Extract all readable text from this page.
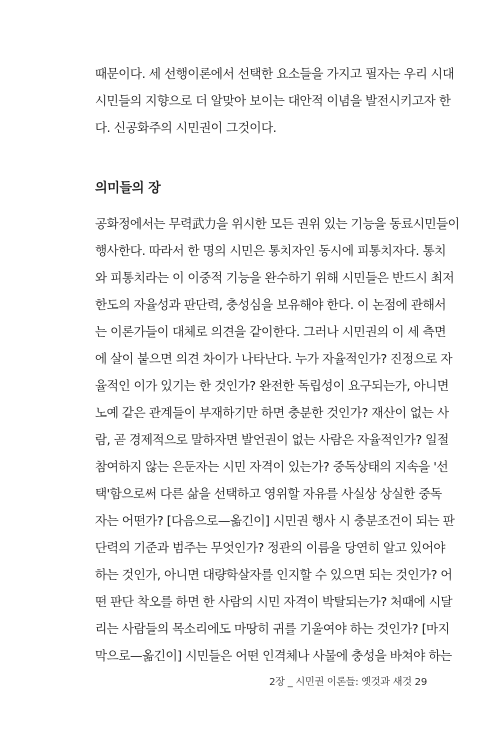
때문이다. 세 선행이론에서 선택한 요소들을 가지고 필자는 우리 시대
시민들의 지향으로 더 알맞아 보이는 대안적 이념을 발전시키고자 한
다. 신공화주의 시민권이 그것이다.
의미들의 장
공화정에서는 무력武力을 위시한 모든 권위 있는 기능을 동료시민들이
행사한다. 따라서 한 명의 시민은 통치자인 동시에 피통치자다. 통치
와 피통치라는 이 이중적 기능을 완수하기 위해 시민들은 반드시 최저
한도의 자율성과 판단력, 충성심을 보유해야 한다. 이 논점에 관해서
는 이론가들이 대체로 의견을 같이한다. 그러나 시민권의 이 세 측면
에 살이 붙으면 의견 차이가 나타난다. 누가 자율적인가? 진정으로 자
율적인 이가 있기는 한 것인가? 완전한 독립성이 요구되는가, 아니면
노예 같은 관계들이 부재하기만 하면 충분한 것인가? 재산이 없는 사
람, 곧 경제적으로 말하자면 발언권이 없는 사람은 자율적인가? 일절
참여하지 않는 은둔자는 시민 자격이 있는가? 중독상태의 지속을 '선
택'함으로써 다른 삶을 선택하고 영위할 자유를 사실상 상실한 중독
자는 어떤가? [다음으로—옮긴이] 시민권 행사 시 충분조건이 되는 판
단력의 기준과 범주는 무엇인가? 정관의 이름을 당연히 알고 있어야
하는 것인가, 아니면 대량학살자를 인지할 수 있으면 되는 것인가? 어
떤 판단 착오를 하면 한 사람의 시민 자격이 박탈되는가? 처때에 시달
리는 사람들의 목소리에도 마땅히 귀를 기울여야 하는 것인가? [마지
막으로—옮긴이] 시민들은 어떤 인격체나 사물에 충성을 바쳐야 하는
2장 _ 시민권 이론들: 옛것과 새것 29
